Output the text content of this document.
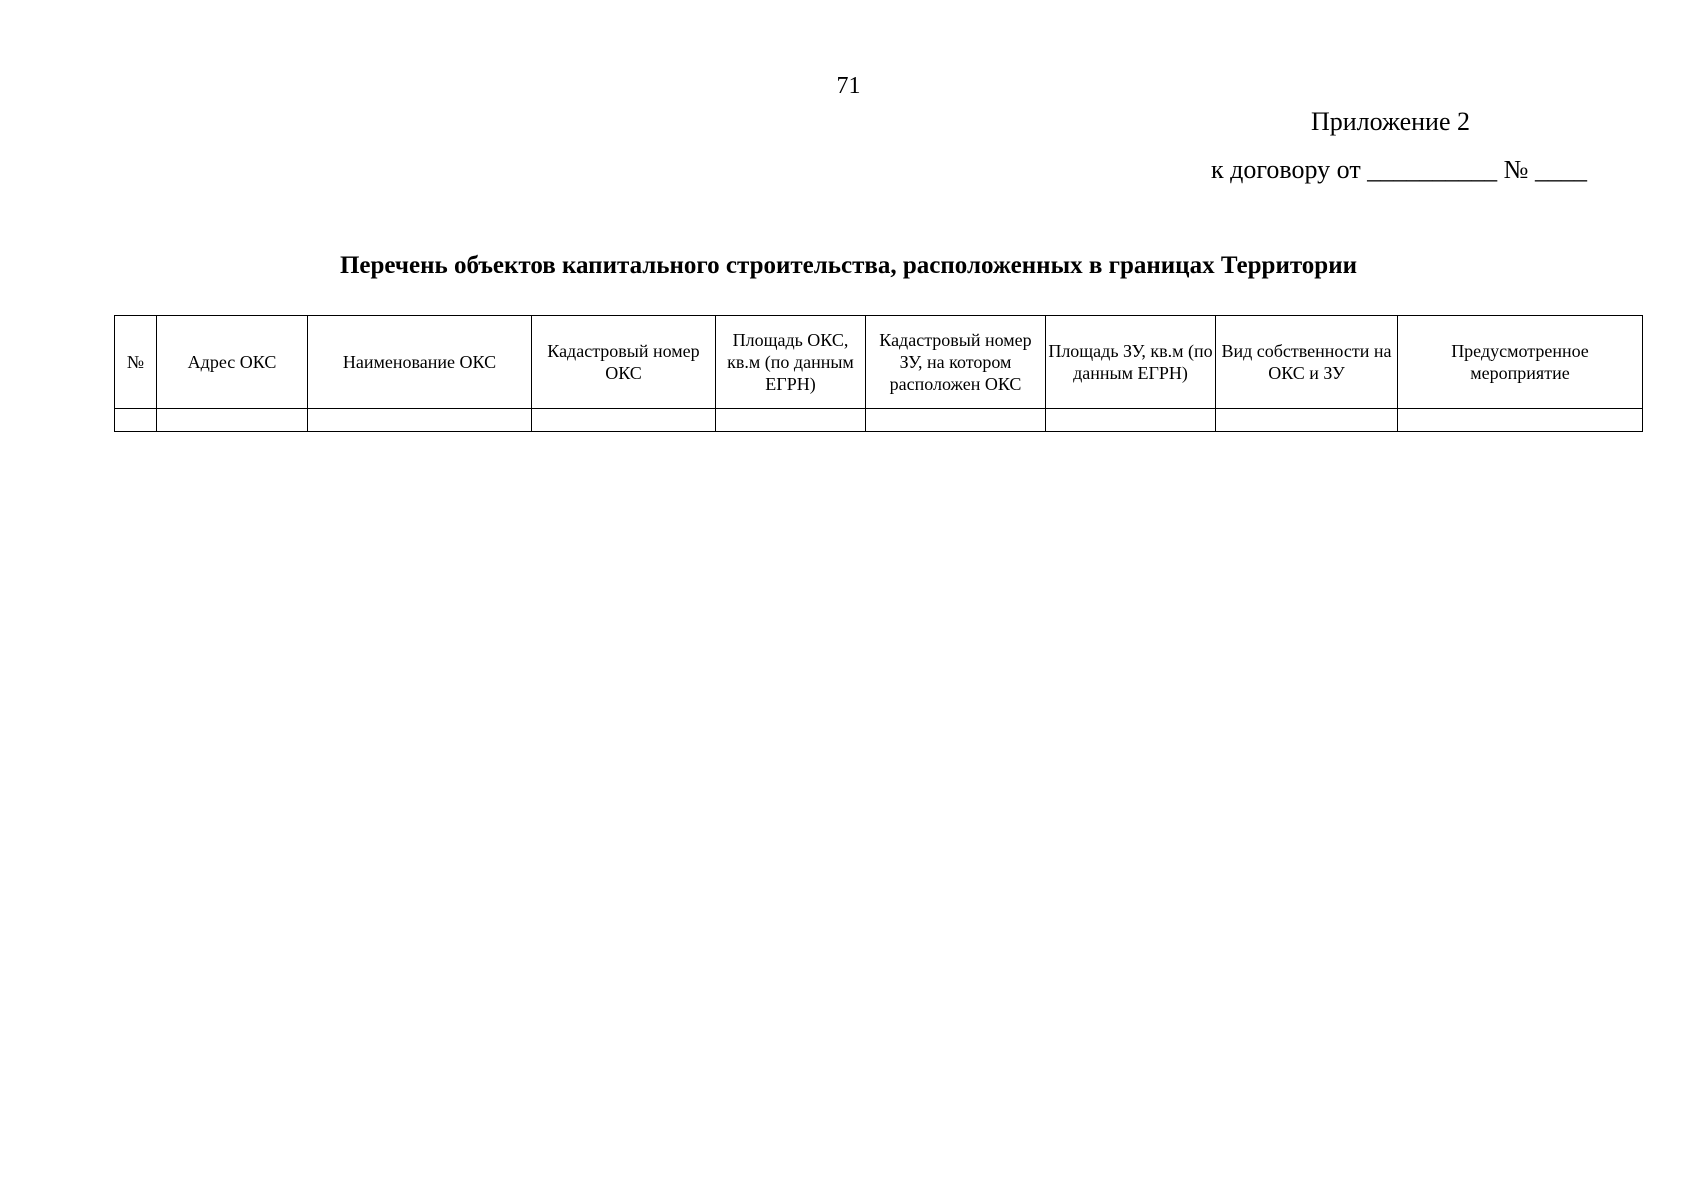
71
Приложение 2
к договору от __________ № ____
Перечень объектов капитального строительства, расположенных в границах Территории
№	Адрес ОКС	Наименование ОКС	Кадастровый номер ОКС	Площадь ОКС, кв.м (по данным ЕГРН)	Кадастровый номер ЗУ, на котором расположен ОКС	Площадь ЗУ, кв.м (по данным ЕГРН)	Вид собственности на ОКС и ЗУ	Предусмотренное мероприятие
